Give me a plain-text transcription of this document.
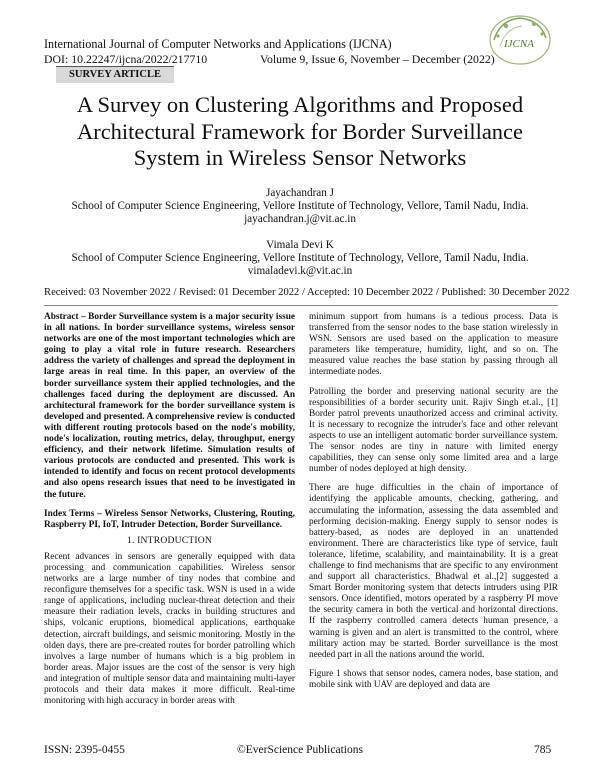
International Journal of Computer Networks and Applications (IJCNA)
DOI: 10.22247/ijcna/2022/217710	Volume 9, Issue 6, November – December (2022)
SURVEY ARTICLE
IJCNA
A Survey on Clustering Algorithms and Proposed
Architectural Framework for Border Surveillance
System in Wireless Sensor Networks
Jayachandran J
School of Computer Science Engineering, Vellore Institute of Technology, Vellore, Tamil Nadu, India.
jayachandran.j@vit.ac.in
Vimala Devi K
School of Computer Science Engineering, Vellore Institute of Technology, Vellore, Tamil Nadu, India.
vimaladevi.k@vit.ac.in
Received: 03 November 2022 / Revised: 01 December 2022 / Accepted: 10 December 2022 / Published: 30 December 2022

Abstract – Border Surveillance system is a major security issue in all nations. In border surveillance systems, wireless sensor networks are one of the most important technologies which are going to play a vital role in future research. Researchers address the variety of challenges and spread the deployment in large areas in real time. In this paper, an overview of the border surveillance system their applied technologies, and the challenges faced during the deployment are discussed. An architectural framework for the border surveillance system is developed and presented. A comprehensive review is conducted with different routing protocols based on the node's mobility, node's localization, routing metrics, delay, throughput, energy efficiency, and their network lifetime. Simulation results of various protocols are conducted and presented. This work is intended to identify and focus on recent protocol developments and also opens research issues that need to be investigated in the future.

Index Terms – Wireless Sensor Networks, Clustering, Routing, Raspberry PI, IoT, Intruder Detection, Border Surveillance.

1. INTRODUCTION

Recent advances in sensors are generally equipped with data processing and communication capabilities. Wireless sensor networks are a large number of tiny nodes that combine and reconfigure themselves for a specific task. WSN is used in a wide range of applications, including nuclear-threat detection and their measure their radiation levels, cracks in building structures and ships, volcanic eruptions, biomedical applications, earthquake detection, aircraft buildings, and seismic monitoring. Mostly in the olden days, there are pre-created routes for border patrolling which involves a large number of humans which is a big problem in border areas. Major issues are the cost of the sensor is very high and integration of multiple sensor data and maintaining multi-layer protocols and their data makes it more difficult. Real-time monitoring with high accuracy in border areas with

minimum support from humans is a tedious process. Data is transferred from the sensor nodes to the base station wirelessly in WSN. Sensors are used based on the application to measure parameters like temperature, humidity, light, and so on. The measured value reaches the base station by passing through all intermediate nodes.

Patrolling the border and preserving national security are the responsibilities of a border security unit. Rajiv Singh et.al., [1] Border patrol prevents unauthorized access and criminal activity. It is necessary to recognize the intruder's face and other relevant aspects to use an intelligent automatic border surveillance system. The sensor nodes are tiny in nature with limited energy capabilities, they can sense only some limited area and a large number of nodes deployed at high density.

There are huge difficulties in the chain of importance of identifying the applicable amounts, checking, gathering, and accumulating the information, assessing the data assembled and performing decision-making. Energy supply to sensor nodes is battery-based, as nodes are deployed in an unattended environment. There are characteristics like type of service, fault tolerance, lifetime, scalability, and maintainability. It is a great challenge to find mechanisms that are specific to any environment and support all characteristics. Bhadwal et al.,[2] suggested a Smart Border monitoring system that detects intruders using PIR sensors. Once identified, motors operated by a raspberry PI move the security camera in both the vertical and horizontal directions. If the raspberry controlled camera detects human presence, a warning is given and an alert is transmitted to the control, where military action may be started. Border surveillance is the most needed part in all the nations around the world.

Figure 1 shows that sensor nodes, camera nodes, base station, and mobile sink with UAV are deployed and data are

ISSN: 2395-0455	©EverScience Publications	785
